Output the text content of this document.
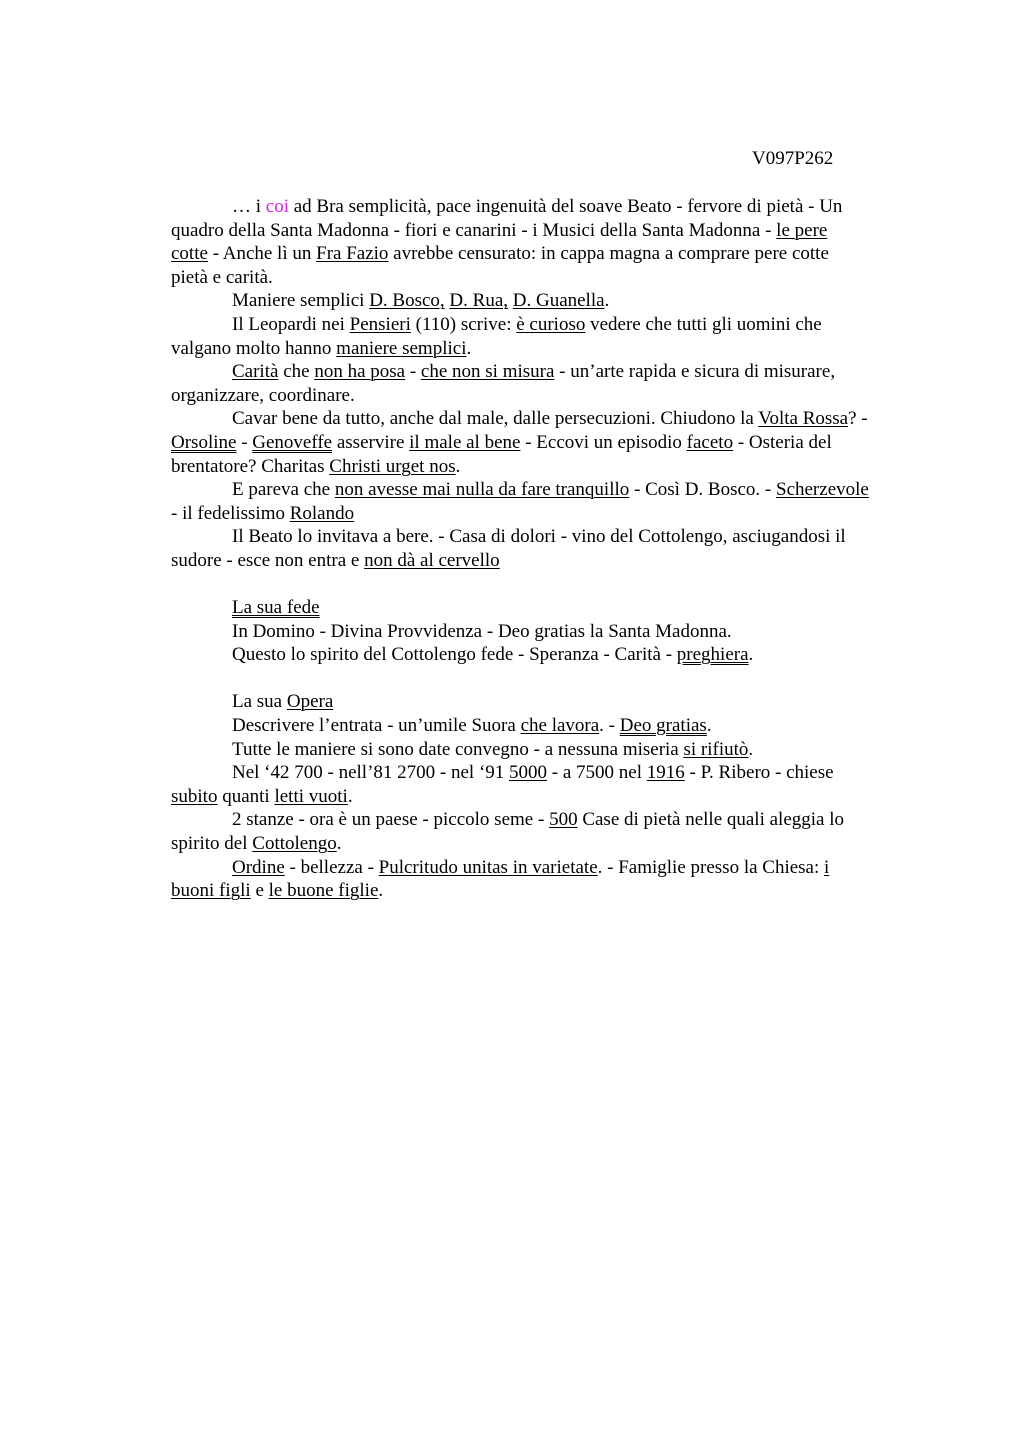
V097P262
… i coi ad Bra semplicità, pace ingenuità del soave Beato - fervore di pietà - Un
quadro della Santa Madonna - fiori e canarini - i Musici della Santa Madonna - le pere
cotte - Anche lì un Fra Fazio avrebbe censurato: in cappa magna a comprare pere cotte
pietà e carità.
Maniere semplici D. Bosco, D. Rua, D. Guanella.
Il Leopardi nei Pensieri (110) scrive: è curioso vedere che tutti gli uomini che
valgano molto hanno maniere semplici.
Carità che non ha posa - che non si misura - un’arte rapida e sicura di misurare,
organizzare, coordinare.
Cavar bene da tutto, anche dal male, dalle persecuzioni. Chiudono la Volta Rossa? -
Orsoline - Genoveffe asservire il male al bene - Eccovi un episodio faceto - Osteria del
brentatore? Charitas Christi urget nos.
E pareva che non avesse mai nulla da fare tranquillo - Così D. Bosco. - Scherzevole
- il fedelissimo Rolando
Il Beato lo invitava a bere. - Casa di dolori - vino del Cottolengo, asciugandosi il
sudore - esce non entra e non dà al cervello
La sua fede
In Domino - Divina Provvidenza - Deo gratias la Santa Madonna.
Questo lo spirito del Cottolengo fede - Speranza - Carità - preghiera.
La sua Opera
Descrivere l’entrata - un’umile Suora che lavora. - Deo gratias.
Tutte le maniere si sono date convegno - a nessuna miseria si rifiutò.
Nel ‘42 700 - nell’81 2700 - nel ‘91 5000 - a 7500 nel 1916 - P. Ribero - chiese
subito quanti letti vuoti.
2 stanze - ora è un paese - piccolo seme - 500 Case di pietà nelle quali aleggia lo
spirito del Cottolengo.
Ordine - bellezza - Pulcritudo unitas in varietate. - Famiglie presso la Chiesa: i
buoni figli e le buone figlie.
